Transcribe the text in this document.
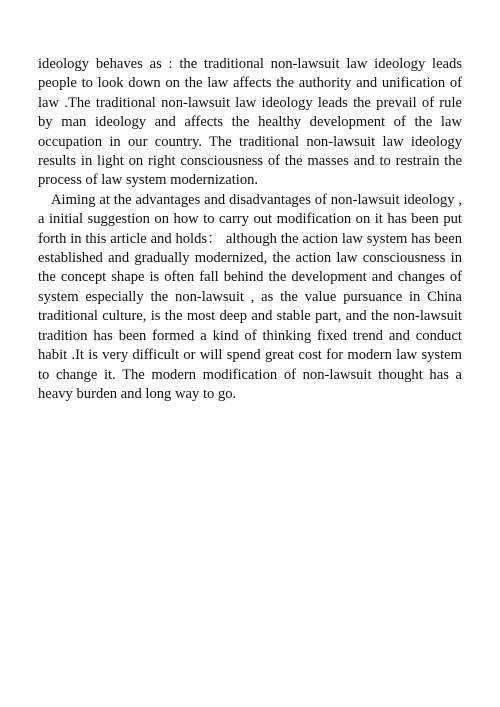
ideology behaves as : the traditional non-lawsuit law ideology leads people to look down on the law affects the authority and unification of law .The traditional non-lawsuit law ideology leads the prevail of rule by man ideology and affects the healthy development of the law occupation in our country. The traditional non-lawsuit law ideology results in light on right consciousness of the masses and to restrain the process of law system modernization.

Aiming at the advantages and disadvantages of non-lawsuit ideology , a initial suggestion on how to carry out modification on it has been put forth in this article and holds： although the action law system has been established and gradually modernized, the action law consciousness in the concept shape is often fall behind the development and changes of system especially the non-lawsuit , as the value pursuance in China traditional culture, is the most deep and stable part, and the non-lawsuit tradition has been formed a kind of thinking fixed trend and conduct habit .It is very difficult or will spend great cost for modern law system to change it. The modern modification of non-lawsuit thought has a heavy burden and long way to go.
